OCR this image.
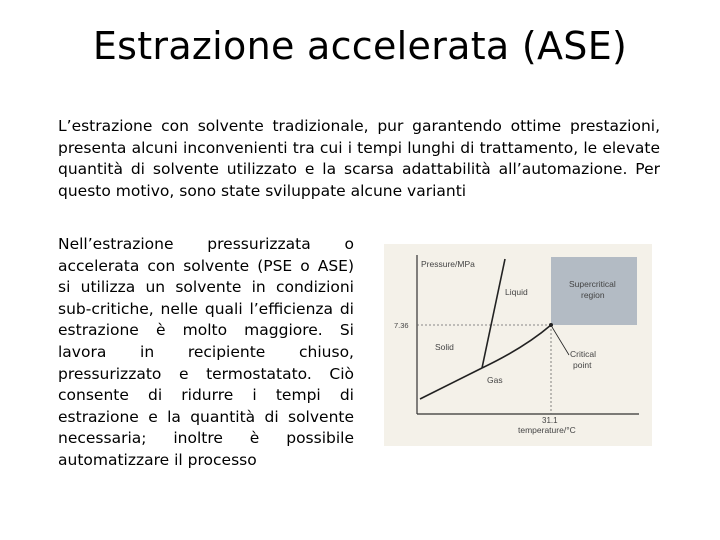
Estrazione accelerata (ASE)

L’estrazione con solvente tradizionale, pur garantendo ottime prestazioni, presenta alcuni inconvenienti tra cui i tempi lunghi di trattamento, le elevate quantità di solvente utilizzato e la scarsa adattabilità all’automazione. Per questo motivo, sono state sviluppate alcune varianti

Nell’estrazione pressurizzata o accelerata con solvente (PSE o ASE) si utilizza un solvente in condizioni sub-critiche, nelle quali l’efficienza di estrazione è molto maggiore. Si lavora in recipiente chiuso, pressurizzato e termostatato. Ciò consente di ridurre i tempi di estrazione e la quantità di solvente necessaria; inoltre è possibile automatizzare il processo

Pressure/MPa
7.36
Liquid
Solid
Gas
Supercritical
region
Critical
point
31.1
temperature/°C
